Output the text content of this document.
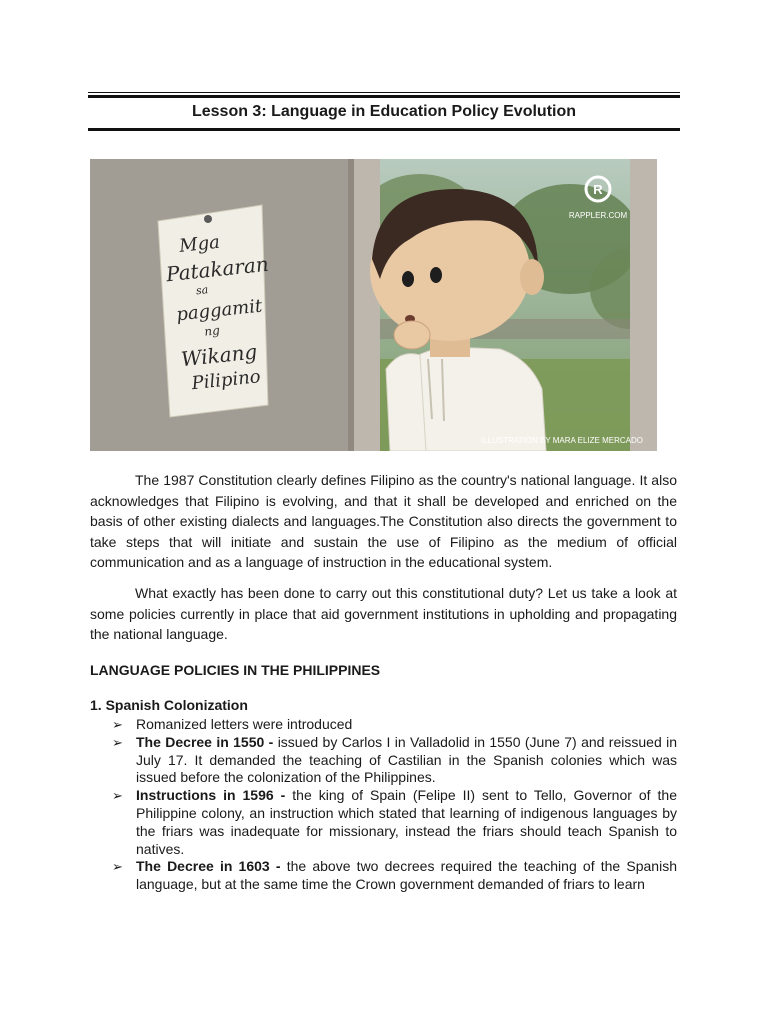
Lesson 3: Language in Education Policy Evolution
Mga
Patakaran
sa
paggamit
ng
Wikang
Pilipino
R
RAPPLER.COM
ILLUSTRATION BY MARA ELIZE MERCADO

The 1987 Constitution clearly defines Filipino as the country's national language. It also acknowledges that Filipino is evolving, and that it shall be developed and enriched on the basis of other existing dialects and languages.The Constitution also directs the government to take steps that will initiate and sustain the use of Filipino as the medium of official communication and as a language of instruction in the educational system.

What exactly has been done to carry out this constitutional duty? Let us take a look at some policies currently in place that aid government institutions in upholding and propagating the national language.

LANGUAGE POLICIES IN THE PHILIPPINES
1. Spanish Colonization
➢ Romanized letters were introduced
➢ The Decree in 1550 - issued by Carlos I in Valladolid in 1550 (June 7) and reissued in July 17. It demanded the teaching of Castilian in the Spanish colonies which was issued before the colonization of the Philippines.
➢ Instructions in 1596 - the king of Spain (Felipe II) sent to Tello, Governor of the Philippine colony, an instruction which stated that learning of indigenous languages by the friars was inadequate for missionary, instead the friars should teach Spanish to natives.
➢ The Decree in 1603 - the above two decrees required the teaching of the Spanish language, but at the same time the Crown government demanded of friars to learn
